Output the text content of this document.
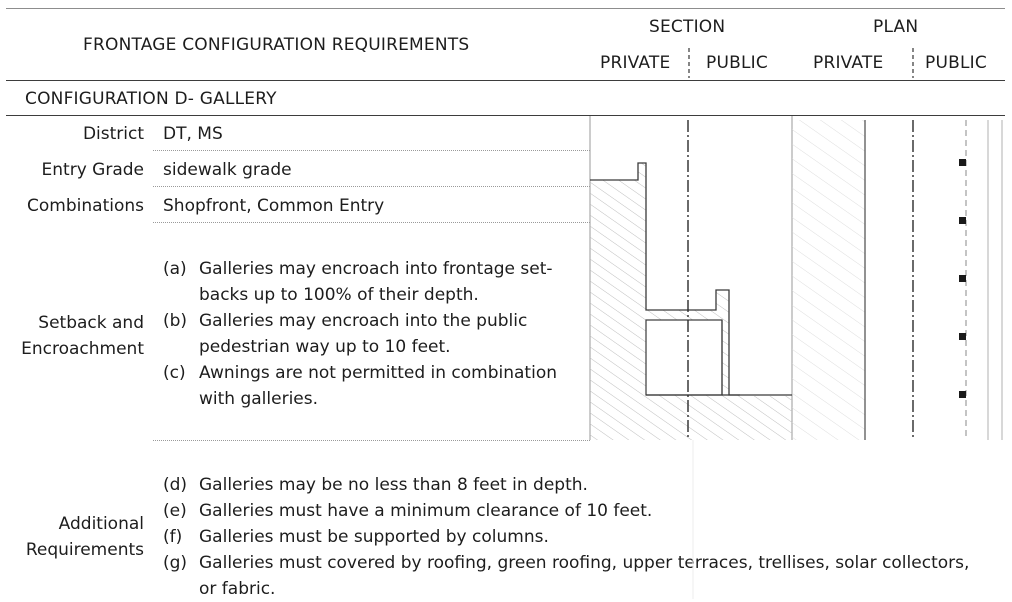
FRONTAGE CONFIGURATION REQUIREMENTS
SECTION	PLAN
PRIVATE PUBLIC	PRIVATE PUBLIC
CONFIGURATION D- GALLERY
District DT, MS
Entry Grade sidewalk grade
Combinations Shopfront, Common Entry
Setback and
Encroachment
(a) Galleries may encroach into frontage set-
backs up to 100% of their depth.
(b) Galleries may encroach into the public
pedestrian way up to 10 feet.
(c) Awnings are not permitted in combination
with galleries.
Additional
Requirements
(d) Galleries may be no less than 8 feet in depth.
(e) Galleries must have a minimum clearance of 10 feet.
(f) Galleries must be supported by columns.
(g) Galleries must covered by roofing, green roofing, upper terraces, trellises, solar collectors,
or fabric.
